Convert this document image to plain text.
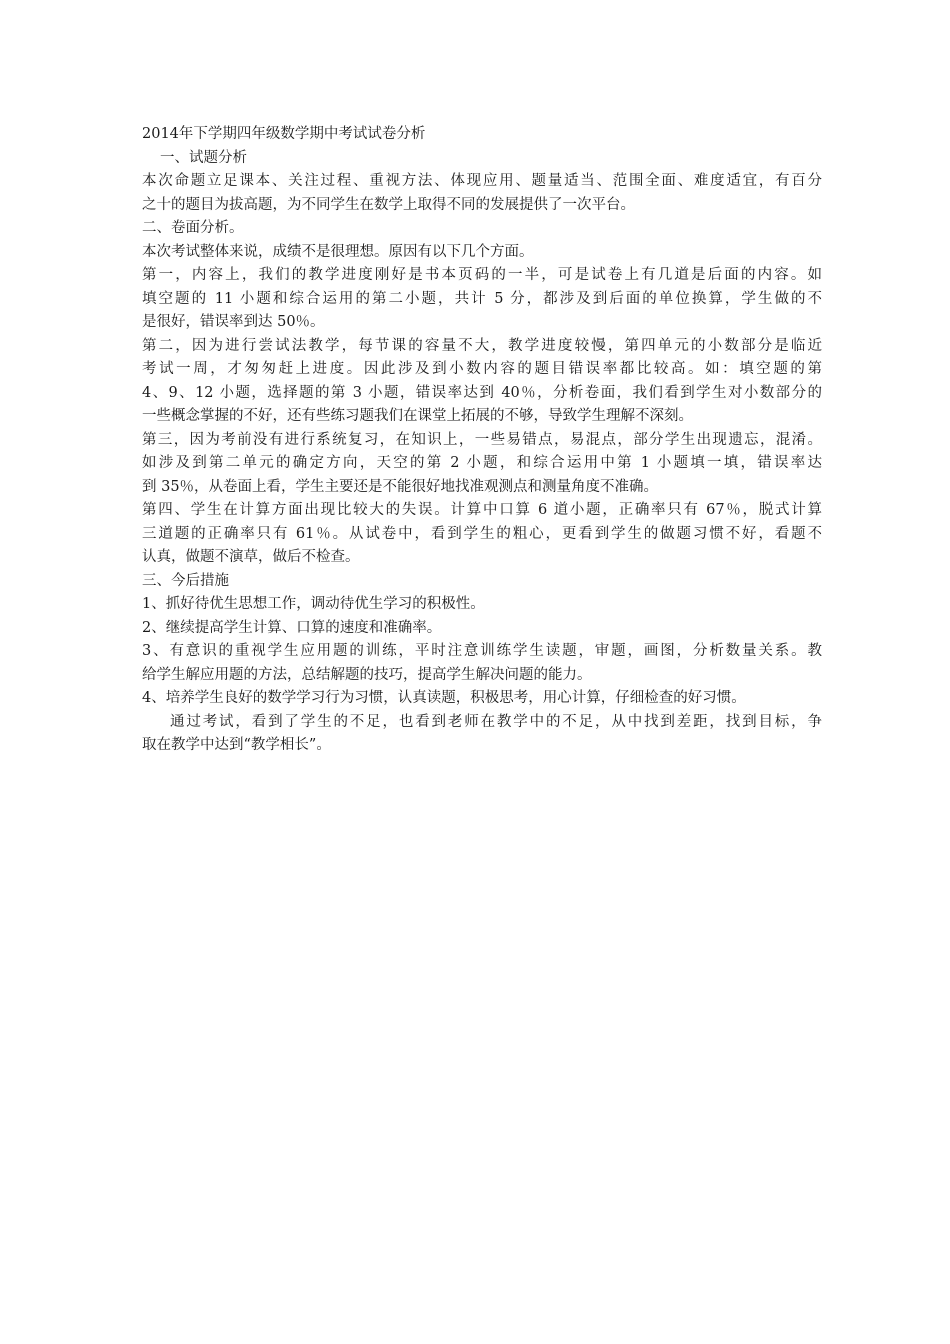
2014年下学期四年级数学期中考试试卷分析
一、试题分析
本次命题立足课本、关注过程、重视方法、体现应用、题量适当、范围全面、难度适宜，有百分
之十的题目为拔高题，为不同学生在数学上取得不同的发展提供了一次平台。
二、卷面分析。
本次考试整体来说，成绩不是很理想。原因有以下几个方面。
第一，内容上，我们的教学进度刚好是书本页码的一半，可是试卷上有几道是后面的内容。如
填空题的 11 小题和综合运用的第二小题，共计 5 分，都涉及到后面的单位换算，学生做的不
是很好，错误率到达 50％。
第二，因为进行尝试法教学，每节课的容量不大，教学进度较慢，第四单元的小数部分是临近
考试一周，才匆匆赶上进度。因此涉及到小数内容的题目错误率都比较高。如：填空题的第
4、9、12 小题，选择题的第 3 小题，错误率达到 40％，分析卷面，我们看到学生对小数部分的
一些概念掌握的不好，还有些练习题我们在课堂上拓展的不够，导致学生理解不深刻。
第三，因为考前没有进行系统复习，在知识上，一些易错点，易混点，部分学生出现遗忘，混淆。
如涉及到第二单元的确定方向，天空的第 2 小题，和综合运用中第 1 小题填一填，错误率达
到 35％，从卷面上看，学生主要还是不能很好地找准观测点和测量角度不准确。
第四、学生在计算方面出现比较大的失误。计算中口算 6 道小题，正确率只有 67％，脱式计算
三道题的正确率只有 61％。从试卷中，看到学生的粗心，更看到学生的做题习惯不好，看题不
认真，做题不演草，做后不检查。
三、今后措施
1、抓好待优生思想工作，调动待优生学习的积极性。
2、继续提高学生计算、口算的速度和准确率。
3、有意识的重视学生应用题的训练，平时注意训练学生读题，审题，画图，分析数量关系。教
给学生解应用题的方法，总结解题的技巧，提高学生解决问题的能力。
4、培养学生良好的数学学习行为习惯，认真读题，积极思考，用心计算，仔细检查的好习惯。
通过考试，看到了学生的不足，也看到老师在教学中的不足，从中找到差距，找到目标，争
取在教学中达到“教学相长”。
